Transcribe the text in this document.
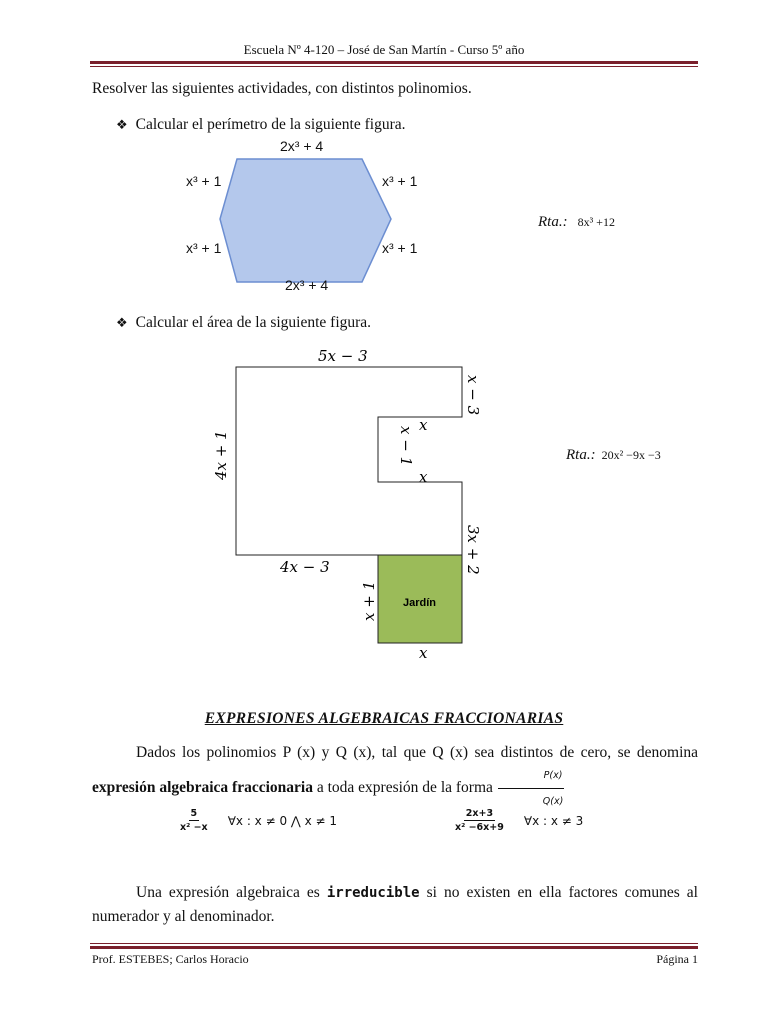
Escuela Nº 4-120 – José de San Martín - Curso 5º año
Resolver las siguientes actividades, con distintos polinomios.
❖ Calcular el perímetro de la siguiente figura.
2x³ + 4
x³ + 1	x³ + 1
x³ + 1	x³ + 1
2x³ + 4
Rta.: 8x³ +12
❖ Calcular el área de la siguiente figura.
5x − 3
4x + 1
x − 3
x
x − 1
x
3x + 2
4x − 3
x + 1 Jardín
x
Rta.: 20x² −9x −3
EXPRESIONES ALGEBRAICAS FRACCIONARIAS
Dados los polinomios P (x) y Q (x), tal que Q (x) sea distintos de cero, se denomina expresión algebraica fraccionaria a toda expresión de la forma $\frac{P(x)}{Q(x)}$
$\frac{5}{\text{x² −x}}$ ∀x : x ≠ 0 ⋀ x ≠ 1	$\frac{2x+3}{\text{x² −6x+9}}$ ∀x : x ≠ 3
Una expresión algebraica es irreducible si no existen en ella factores comunes al numerador y al denominador.
Prof. ESTEBES; Carlos Horacio	Página 1
